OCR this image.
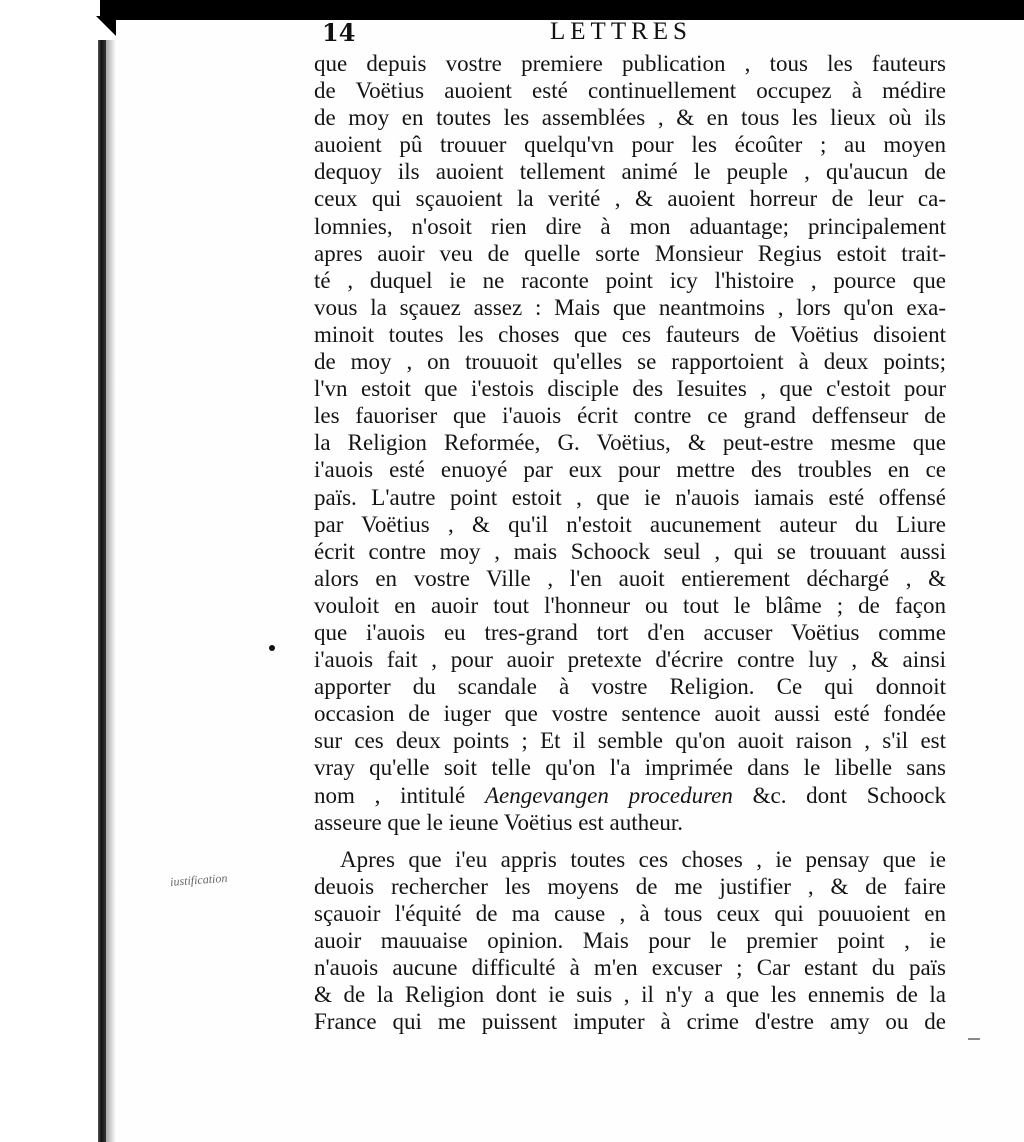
14	LETTRES
que depuis vostre premiere publication , tous les fauteurs
de Voëtius auoient esté continuellement occupez à médire
de moy en toutes les assemblées , & en tous les lieux où ils
auoient pû trouuer quelqu'vn pour les écoûter ; au moyen
dequoy ils auoient tellement animé le peuple , qu'aucun de
ceux qui sçauoient la verité , & auoient horreur de leur ca-
lomnies, n'osoit rien dire à mon aduantage; principalement
apres auoir veu de quelle sorte Monsieur Regius estoit trait-
té , duquel ie ne raconte point icy l'histoire , pource que
vous la sçauez assez : Mais que neantmoins , lors qu'on exa-
minoit toutes les choses que ces fauteurs de Voëtius disoient
de moy , on trouuoit qu'elles se rapportoient à deux points;
l'vn estoit que i'estois disciple des Iesuites , que c'estoit pour
les fauoriser que i'auois écrit contre ce grand deffenseur de
la Religion Reformée, G. Voëtius, & peut-estre mesme que
i'auois esté enuoyé par eux pour mettre des troubles en ce
païs. L'autre point estoit , que ie n'auois iamais esté offensé
par Voëtius , & qu'il n'estoit aucunement auteur du Liure
écrit contre moy , mais Schoock seul , qui se trouuant aussi
alors en vostre Ville , l'en auoit entierement déchargé , &
vouloit en auoir tout l'honneur ou tout le blâme ; de façon
que i'auois eu tres-grand tort d'en accuser Voëtius comme
i'auois fait , pour auoir pretexte d'écrire contre luy , & ainsi
apporter du scandale à vostre Religion. Ce qui donnoit
occasion de iuger que vostre sentence auoit aussi esté fondée
sur ces deux points ; Et il semble qu'on auoit raison , s'il est
vray qu'elle soit telle qu'on l'a imprimée dans le libelle sans
nom , intitulé Aengevangen proceduren &c. dont Schoock
asseure que le ieune Voëtius est autheur.
Apres que i'eu appris toutes ces choses , ie pensay que ie
deuois rechercher les moyens de me justifier , & de faire
sçauoir l'équité de ma cause , à tous ceux qui pouuoient en
auoir mauuaise opinion. Mais pour le premier point , ie
n'auois aucune difficulté à m'en excuser ; Car estant du païs
& de la Religion dont ie suis , il n'y a que les ennemis de la
France qui me puissent imputer à crime d'estre amy ou de
iustification
